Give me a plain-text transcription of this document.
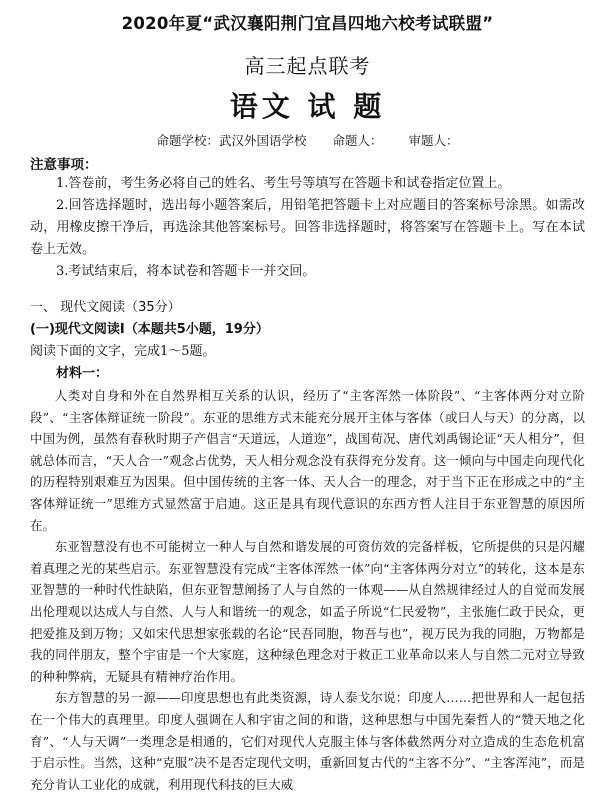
2020年夏“武汉襄阳荆门宜昌四地六校考试联盟”
高三起点联考
语文 试 题
命题学校：武汉外国语学校 命题人： 审题人：
注意事项：

1.答卷前，考生务必将自己的姓名、考生号等填写在答题卡和试卷指定位置上。

2.回答选择题时，选出每小题答案后，用铅笔把答题卡上对应题目的答案标号涂黑。如需改动，用橡皮擦干净后，再选涂其他答案标号。回答非选择题时，将答案写在答题卡上。写在本试卷上无效。

3.考试结束后，将本试卷和答题卡一并交回。

一、 现代文阅读（35分）
(一)现代文阅读Ⅰ（本题共5小题，19分）

阅读下面的文字，完成1～5题。

材料一：

人类对自身和外在自然界相互关系的认识，经历了“主客浑然一体阶段”、“主客体两分对立阶段”、“主客体辩证统一阶段”。东亚的思维方式未能充分展开主体与客体（或曰人与天）的分离，以中国为例，虽然有春秋时期子产倡言“天道远，人道迩”，战国荀况、唐代刘禹锡论证“天人相分”，但就总体而言，“天人合一”观念占优势，天人相分观念没有获得充分发育。这一倾向与中国走向现代化的历程特别艰难互为因果。但中国传统的主客一体、天人合一的理念，对于当下正在形成之中的“主客体辩证统一”思维方式显然富于启迪。这正是具有现代意识的东西方哲人注目于东亚智慧的原因所在。

东亚智慧没有也不可能树立一种人与自然和谐发展的可资仿效的完备样板，它所提供的只是闪耀着真理之光的某些启示。东亚智慧没有完成“主客体浑然一体”向“主客体两分对立”的转化，这本是东亚智慧的一种时代性缺陷，但东亚智慧阐扬了人与自然的一体观——从自然规律经过人的自觉而发展出伦理观以达成人与自然、人与人和谐统一的观念，如孟子所说“仁民爱物”，主张施仁政于民众，更把爱推及到万物；又如宋代思想家张载的名论“民吾同胞，物吾与也”，视万民为我的同胞，万物都是我的同伴朋友，整个宇宙是一个大家庭，这种绿色理念对于救正工业革命以来人与自然二元对立导致的种种弊病，无疑具有精神疗治作用。

东方智慧的另一源——印度思想也有此类资源，诗人泰戈尔说：印度人……把世界和人一起包括在一个伟大的真理里。印度人强调在人和宇宙之间的和谐，这种思想与中国先秦哲人的“赞天地之化育”、“人与天调”一类理念是相通的，它们对现代人克服主体与客体截然两分对立造成的生态危机富于启示性。当然，这种“克服”决不是否定现代文明，重新回复古代的“主客不分”、“主客浑沌”，而是充分肯认工业化的成就，利用现代科技的巨大威
